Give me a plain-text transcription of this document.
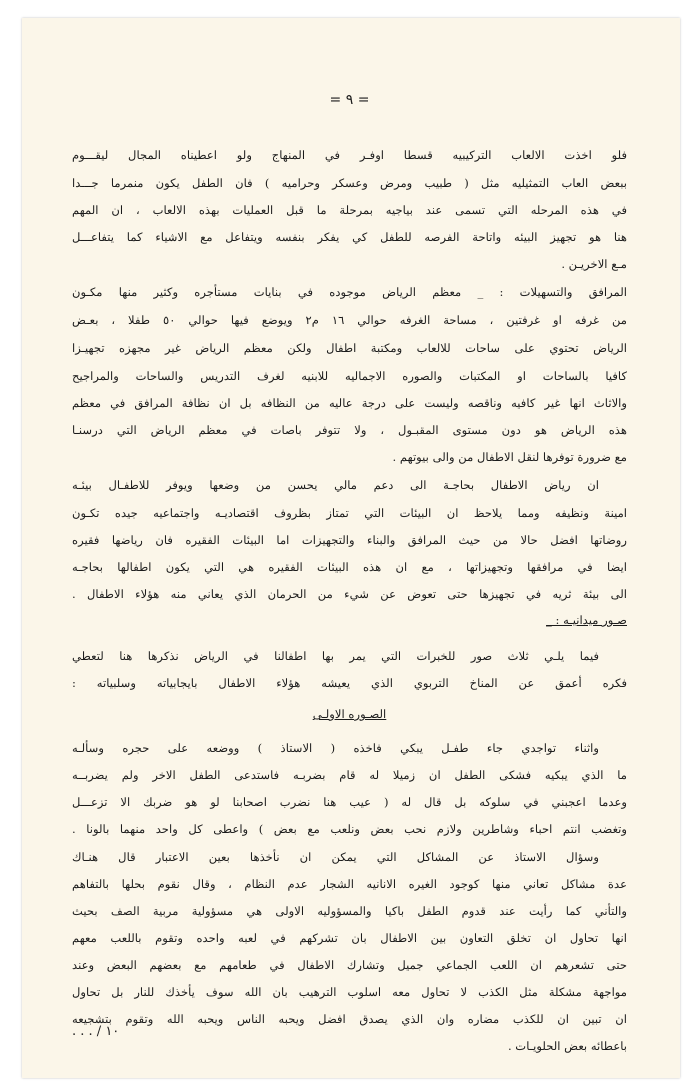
= ٩ =
فلو اخذت الالعاب التركيبيه قسطا اوفـر في المنهاج ولو اعطيناه المجال ليقـــوم
ببعض العاب التمثيليه مثل ( طبيب ومرض وعسكر وحراميه ) فان الطفل يكون منمرما جـــدا
في هذه المرحله التي تسمى عند بياجيه بمرحلة ما قبل العمليات بهذه الالعاب ، ان المهم
هنا هو تجهيز البيئه واتاحة الفرصه للطفل كي يفكر بنفسه ويتفاعل مع الاشياء كما يتفاعـــل
مـع الاخريـن .
المرافق والتسهيلات : _ معظم الرياض موجوده في بنايات مستأجره وكثير منها مكـون
من غرفه او غرفتين ، مساحة الغرفه حوالي ١٦ م٢ ويوضع فيها حوالي ٥٠ طفلا ، بعـض
الرياض تحتوي على ساحات للالعاب ومكتبة اطفال ولكن معظم الرياض غير مجهزه تجهيـزا
كافيا بالساحات او المكتبات والصوره الاجماليه للابنيه لغرف التدريس والساحات والمراجيح
والاثاث انها غير كافيه وناقصه وليست على درجة عاليه من النظافه بل ان نظافة المرافق في معظم
هذه الرياض هو دون مستوى المقبـول ، ولا تتوفر باصات في معظم الرياض التي درسنـا
مع ضرورة توفرها لنقل الاطفال من والى بيوتهم .
ان رياض الاطفال بحاجـة الى دعم مالي يحسن من وضعها ويوفر للاطفـال بيئـه
امينة ونظيفه ومما يلاحظ ان البيئات التي تمتاز بظروف اقتصاديـه واجتماعيه جيده تكـون
روضاتها افضل حالا من حيث المرافق والبناء والتجهيزات اما البيئات الفقيره فان رياضها فقيره
ايضا في مرافقها وتجهيزاتها ، مع ان هذه البيئات الفقيره هي التي يكون اطفالها بحاجـه
الى بيئة ثريه في تجهيزها حتى تعوض عن شيء من الحرمان الذي يعاني منه هؤلاء الاطفال .
صـور ميدانيـه : _
فيما يلـي ثلاث صور للخبرات التي يمر بها اطفالنا في الرياض نذكرها هنا لتعطي
فكره أعمق عن المناخ التربوي الذي يعيشه هؤلاء الاطفال بايجابياته وسلبياته :
الصـوره الاولـى
واثناء تواجدي جاء طفـل يبكي فاخذه ( الاستاذ ) ووضعه على حجره وسألـه
ما الذي يبكيه فشكى الطفل ان زميلا له قام بضربـه فاستدعى الطفل الاخر ولم يضربــه
وعدما اعجبني في سلوكه بل قال له ( عيب هنا نضرب اصحابنا لو هو ضربك الا تزعـــل
وتغضب انتم احباء وشاطرين ولازم نحب بعض ونلعب مع بعض ) واعطى كل واحد منهما بالونا .
وسؤال الاستاذ عن المشاكل التي يمكن ان نأخذها بعين الاعتبار قال هنـاك
عدة مشاكل تعاني منها كوجود الغيره الانانيه الشجار عدم النظام ، وقال نقوم بحلها بالتفاهم
والتأني كما رأيت عند قدوم الطفل باكيا والمسؤوليه الاولى هي مسؤولية مربية الصف بحيث
انها تحاول ان تخلق التعاون بين الاطفال بان تشركهم في لعبه واحده وتقوم باللعب معهم
حتى تشعرهم ان اللعب الجماعي جميل وتشارك الاطفال في طعامهم مع بعضهم البعض وعند
مواجهة مشكلة مثل الكذب لا تحاول معه اسلوب الترهيب بان الله سوف يأخذك للنار بل تحاول
ان تبين ان للكذب مضاره وان الذي يصدق افضل ويحبه الناس ويحبه الله وتقوم بتشجيعه
باعطائه بعض الحلويـات .
. . . / ١٠
